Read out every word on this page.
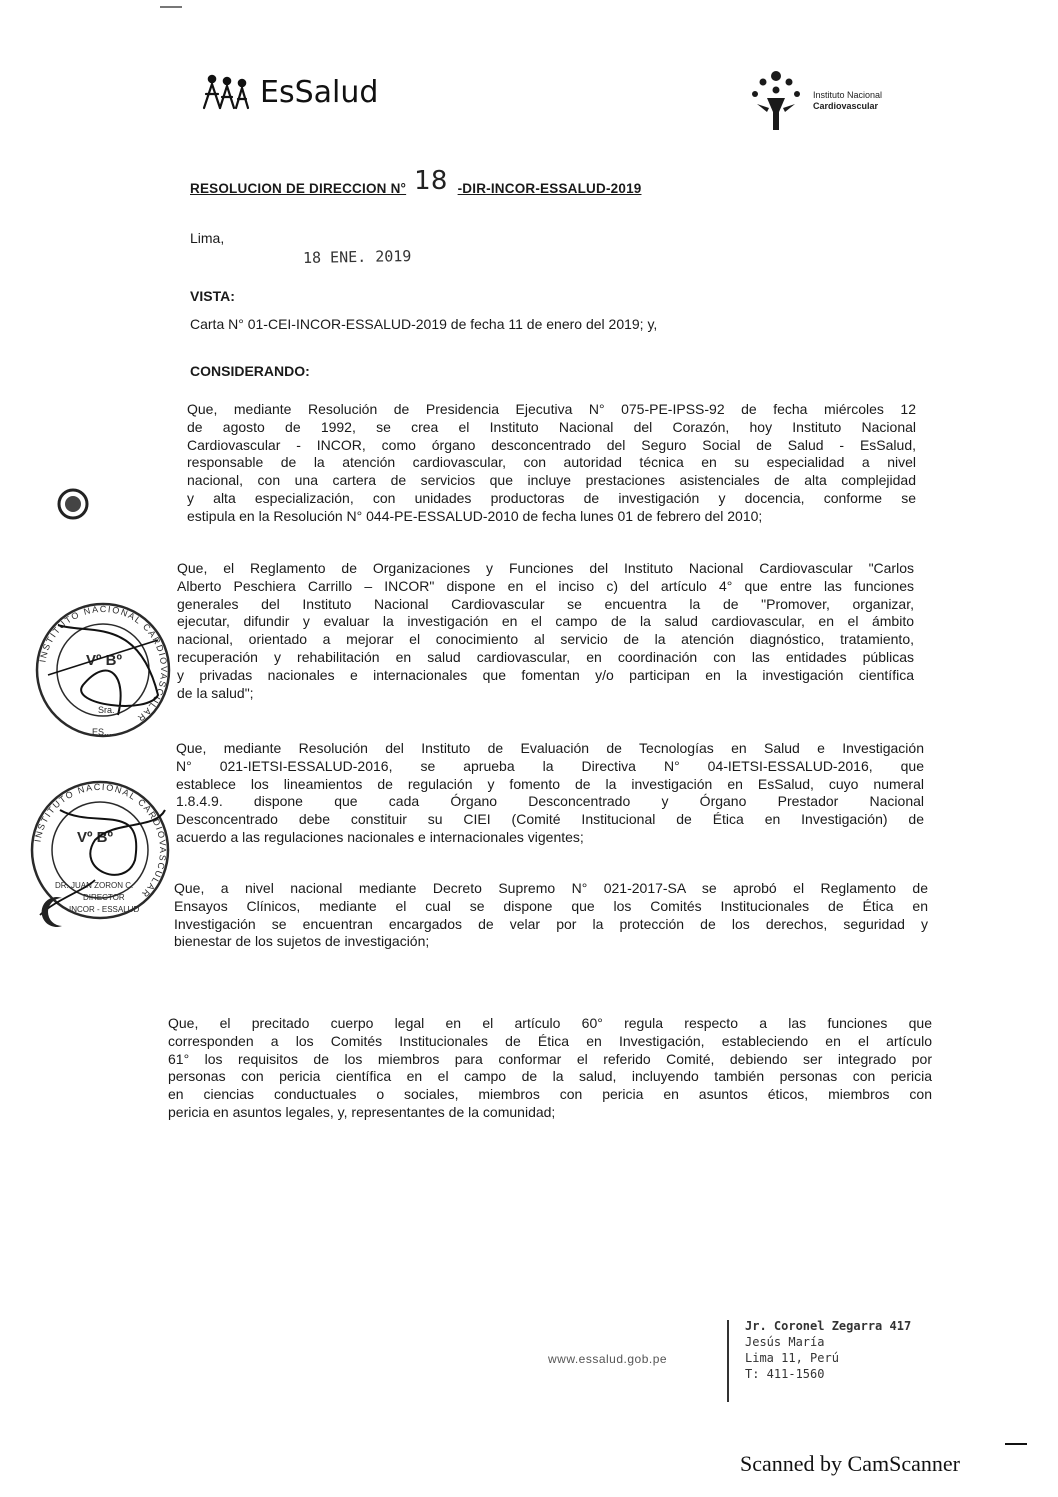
EsSalud	Instituto Nacional
Cardiovascular
RESOLUCION DE DIRECCION N° 18 -DIR-INCOR-ESSALUD-2019
Lima,
18 ENE. 2019
VISTA:
Carta N° 01-CEI-INCOR-ESSALUD-2019 de fecha 11 de enero del 2019; y,
CONSIDERANDO:
Que, mediante Resolución de Presidencia Ejecutiva N° 075-PE-IPSS-92 de fecha miércoles 12
de agosto de 1992, se crea el Instituto Nacional del Corazón, hoy Instituto Nacional
Cardiovascular - INCOR, como órgano desconcentrado del Seguro Social de Salud - EsSalud,
responsable de la atención cardiovascular, con autoridad técnica en su especialidad a nivel
nacional, con una cartera de servicios que incluye prestaciones asistenciales de alta complejidad
y alta especialización, con unidades productoras de investigación y docencia, conforme se
estipula en la Resolución N° 044-PE-ESSALUD-2010 de fecha lunes 01 de febrero del 2010;
Que, el Reglamento de Organizaciones y Funciones del Instituto Nacional Cardiovascular "Carlos
Alberto Peschiera Carrillo – INCOR" dispone en el inciso c) del artículo 4° que entre las funciones
generales del Instituto Nacional Cardiovascular se encuentra la de "Promover, organizar,
ejecutar, difundir y evaluar la investigación en el campo de la salud cardiovascular, en el ámbito
nacional, orientado a mejorar el conocimiento al servicio de la atención diagnóstico, tratamiento,
recuperación y rehabilitación en salud cardiovascular, en coordinación con las entidades públicas
y privadas nacionales e internacionales que fomentan y/o participan en la investigación científica
de la salud";
Que, mediante Resolución del Instituto de Evaluación de Tecnologías en Salud e Investigación
N° 021-IETSI-ESSALUD-2016, se aprueba la Directiva N° 04-IETSI-ESSALUD-2016, que
establece los lineamientos de regulación y fomento de la investigación en EsSalud, cuyo numeral
1.8.4.9. dispone que cada Órgano Desconcentrado y Órgano Prestador Nacional
Desconcentrado debe constituir su CIEI (Comité Institucional de Ética en Investigación) de
acuerdo a las regulaciones nacionales e internacionales vigentes;
Que, a nivel nacional mediante Decreto Supremo N° 021-2017-SA se aprobó el Reglamento de
Ensayos Clínicos, mediante el cual se dispone que los Comités Institucionales de Ética en
Investigación se encuentran encargados de velar por la protección de los derechos, seguridad y
bienestar de los sujetos de investigación;
Que, el precitado cuerpo legal en el artículo 60° regula respecto a las funciones que
corresponden a los Comités Institucionales de Ética en Investigación, estableciendo en el artículo
61° los requisitos de los miembros para conformar el referido Comité, debiendo ser integrado por
personas con pericia científica en el campo de la salud, incluyendo también personas con pericia
en ciencias conductuales o sociales, miembros con pericia en asuntos éticos, miembros con
pericia en asuntos legales, y, representantes de la comunidad;
INSTITUTO NACIONAL CARDIOVASCULAR
Vº Bº
Sra.
ES...
INSTITUTO NACIONAL CARDIOVASCULAR
Vº Bº
DR. JUAN ZORON C.
DIRECTOR
INCOR - ESSALUD
www.essalud.gob.pe
Jr. Coronel Zegarra 417
Jesús María
Lima 11, Perú
T: 411-1560
Scanned by CamScanner
